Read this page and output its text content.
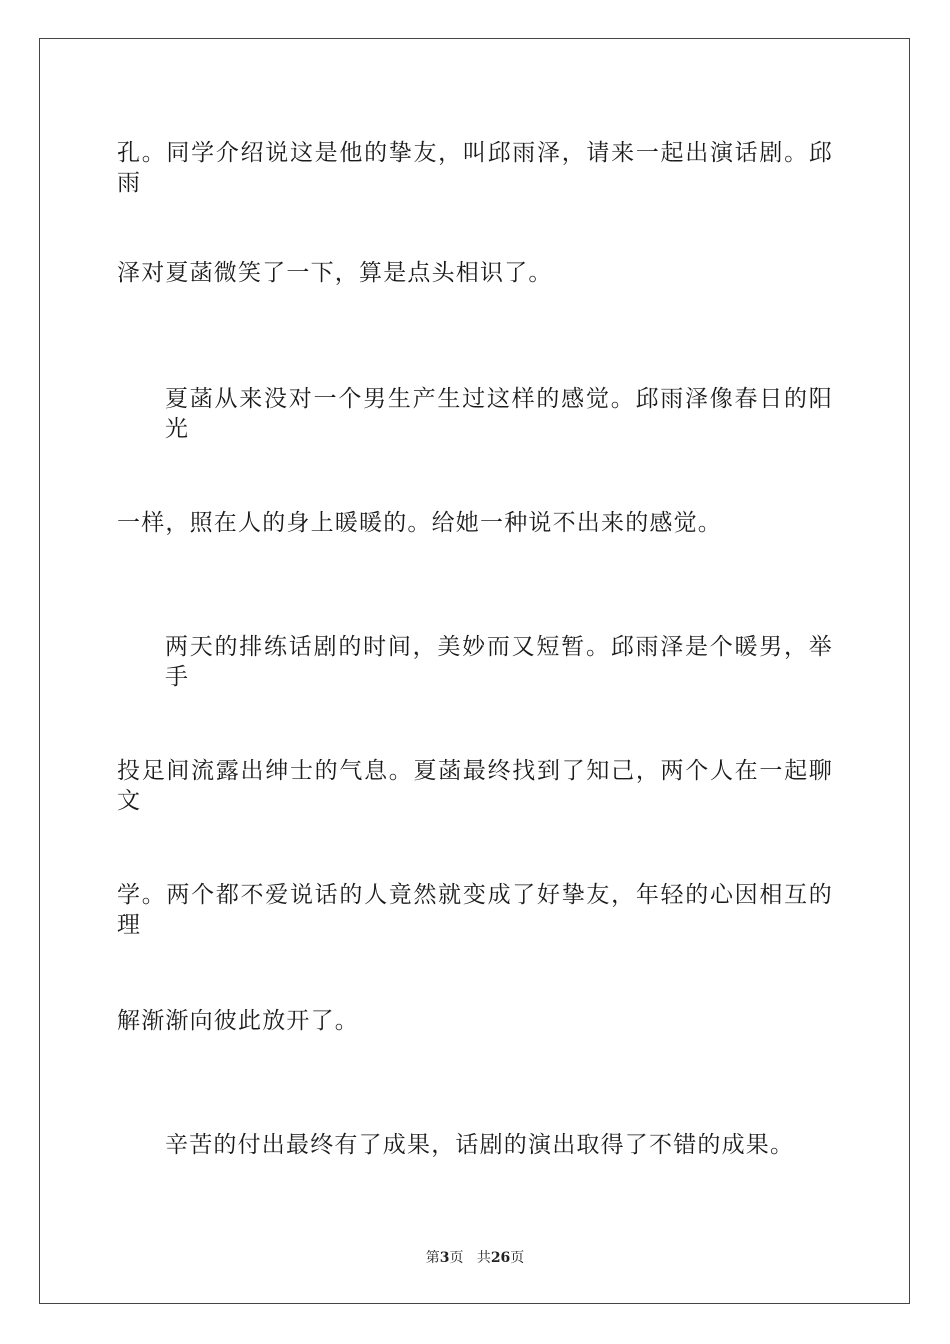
孔。同学介绍说这是他的挚友，叫邱雨泽，请来一起出演话剧。邱雨
泽对夏菡微笑了一下，算是点头相识了。
夏菡从来没对一个男生产生过这样的感觉。邱雨泽像春日的阳光
一样，照在人的身上暖暖的。给她一种说不出来的感觉。
两天的排练话剧的时间，美妙而又短暂。邱雨泽是个暖男，举手
投足间流露出绅士的气息。夏菡最终找到了知己，两个人在一起聊文
学。两个都不爱说话的人竟然就变成了好挚友，年轻的心因相互的理
解渐渐向彼此放开了。
辛苦的付出最终有了成果，话剧的演出取得了不错的成果。
第3页 共26页
